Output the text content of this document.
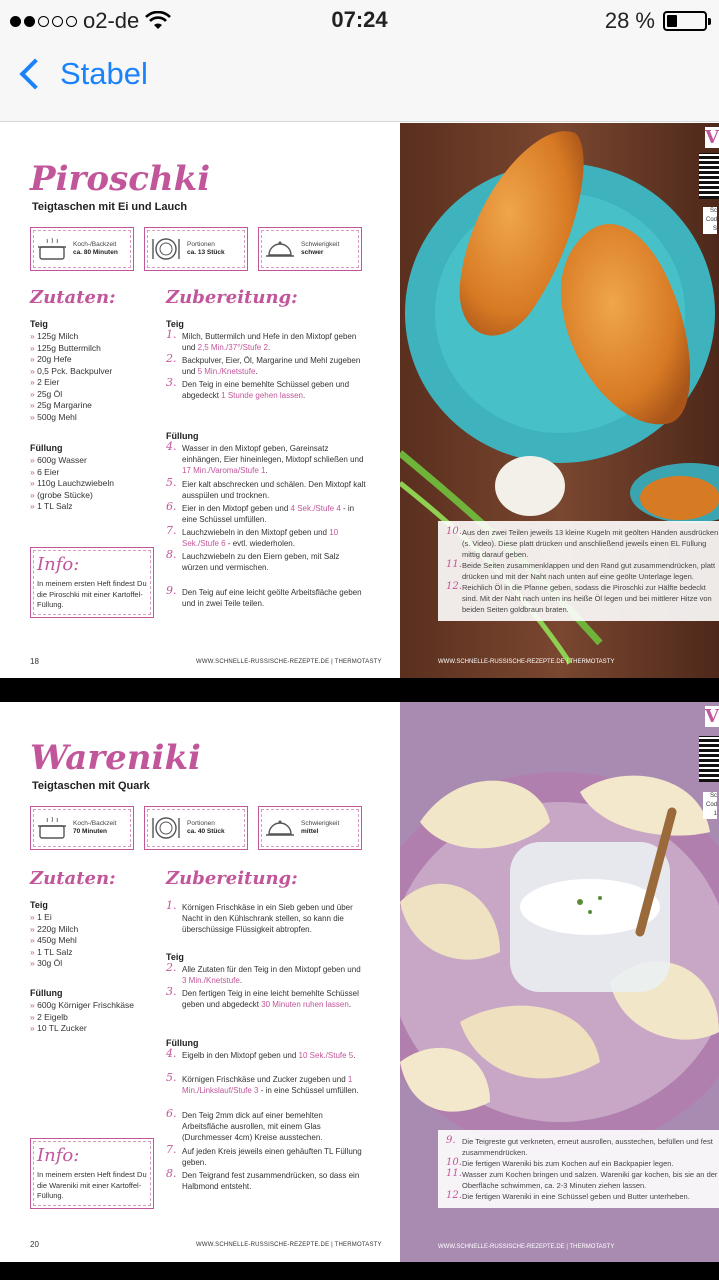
o2-de	07:24	28 %
Stabel
Piroschki
Teigtaschen mit Ei und Lauch
Koch-/Backzeit
ca. 80 Minuten
Portionen
ca. 13 Stück
Schwierigkeit
schwer
Zutaten:	Zubereitung:
Teig
» 125g Milch
» 125g Buttermilch
» 20g Hefe
» 0,5 Pck. Backpulver
» 2 Eier
» 25g Öl
» 25g Margarine
» 500g Mehl
Füllung
» 600g Wasser
» 6 Eier
» 110g Lauchzwiebeln
» (grobe Stücke)
» 1 TL Salz
Info:
In meinem ersten Heft findest Du die Piroschki mit einer Kartoffel-Füllung.
Teig
1. Milch, Buttermilch und Hefe in den Mixtopf geben und 2,5 Min./37°/Stufe 2.
2. Backpulver, Eier, Öl, Margarine und Mehl zugeben und 5 Min./Knetstufe.
3. Den Teig in eine bemehlte Schüssel geben und abgedeckt 1 Stunde gehen lassen.
Füllung
4. Wasser in den Mixtopf geben, Gareinsatz einhängen, Eier hineinlegen, Mixtopf schließen und 17 Min./Varoma/Stufe 1.
5. Eier kalt abschrecken und schälen. Den Mixtopf kalt ausspülen und trocknen.
6. Eier in den Mixtopf geben und 4 Sek./Stufe 4 - in eine Schüssel umfüllen.
7. Lauchzwiebeln in den Mixtopf geben und 10 Sek./Stufe 6 - evtl. wiederholen.
8. Lauchzwiebeln zu den Eiern geben, mit Salz würzen und vermischen.
9. Den Teig auf eine leicht geölte Arbeitsfläche geben und in zwei Teile teilen.
18	WWW.SCHNELLE-RUSSISCHE-REZEPTE.DE | THERMOTASTY
V
Sc
Cod
S
10. Aus den zwei Teilen jeweils 13 kleine Kugeln mit geölten Händen ausdrücken (s. Video). Diese platt drücken und anschließend jeweils einen EL Füllung mittig darauf geben.
11. Beide Seiten zusammenklappen und den Rand gut zusammendrücken, platt drücken und mit der Naht nach unten auf eine geölte Unterlage legen.
12. Reichlich Öl in die Pfanne geben, sodass die Piroschki zur Hälfte bedeckt sind. Mit der Naht nach unten ins heiße Öl legen und bei mittlerer Hitze von beiden Seiten goldbraun braten.
WWW.SCHNELLE-RUSSISCHE-REZEPTE.DE | THERMOTASTY
Wareniki
Teigtaschen mit Quark
Koch-/Backzeit
70 Minuten
Portionen
ca. 40 Stück
Schwierigkeit
mittel
Zutaten:	Zubereitung:
Teig
» 1 Ei
» 220g Milch
» 450g Mehl
» 1 TL Salz
» 30g Öl
Füllung
» 600g Körniger Frischkäse
» 2 Eigelb
» 10 TL Zucker
Info:
In meinem ersten Heft findest Du die Wareniki mit einer Kartoffel-Füllung.
1. Körnigen Frischkäse in ein Sieb geben und über Nacht in den Kühlschrank stellen, so kann die überschüssige Flüssigkeit abtropfen.
Teig
2. Alle Zutaten für den Teig in den Mixtopf geben und 3 Min./Knetstufe.
3. Den fertigen Teig in eine leicht bemehlte Schüssel geben und abgedeckt 30 Minuten ruhen lassen.
Füllung
4. Eigelb in den Mixtopf geben und 10 Sek./Stufe 5.
5. Körnigen Frischkäse und Zucker zugeben und 1 Min./Linkslauf/Stufe 3 - in eine Schüssel umfüllen.
6. Den Teig 2mm dick auf einer bemehlten Arbeitsfläche ausrollen, mit einem Glas (Durchmesser 4cm) Kreise ausstechen.
7. Auf jeden Kreis jeweils einen gehäuften TL Füllung geben.
8. Den Teigrand fest zusammendrücken, so dass ein Halbmond entsteht.
20	WWW.SCHNELLE-RUSSISCHE-REZEPTE.DE | THERMOTASTY
V
Sc
Cod
1
9. Die Teigreste gut verkneten, erneut ausrollen, ausstechen, befüllen und fest zusammendrücken.
10. Die fertigen Wareniki bis zum Kochen auf ein Backpapier legen.
11. Wasser zum Kochen bringen und salzen. Wareniki gar kochen, bis sie an der Oberfläche schwimmen, ca. 2-3 Minuten ziehen lassen.
12. Die fertigen Wareniki in eine Schüssel geben und Butter unterheben.
WWW.SCHNELLE-RUSSISCHE-REZEPTE.DE | THERMOTASTY
